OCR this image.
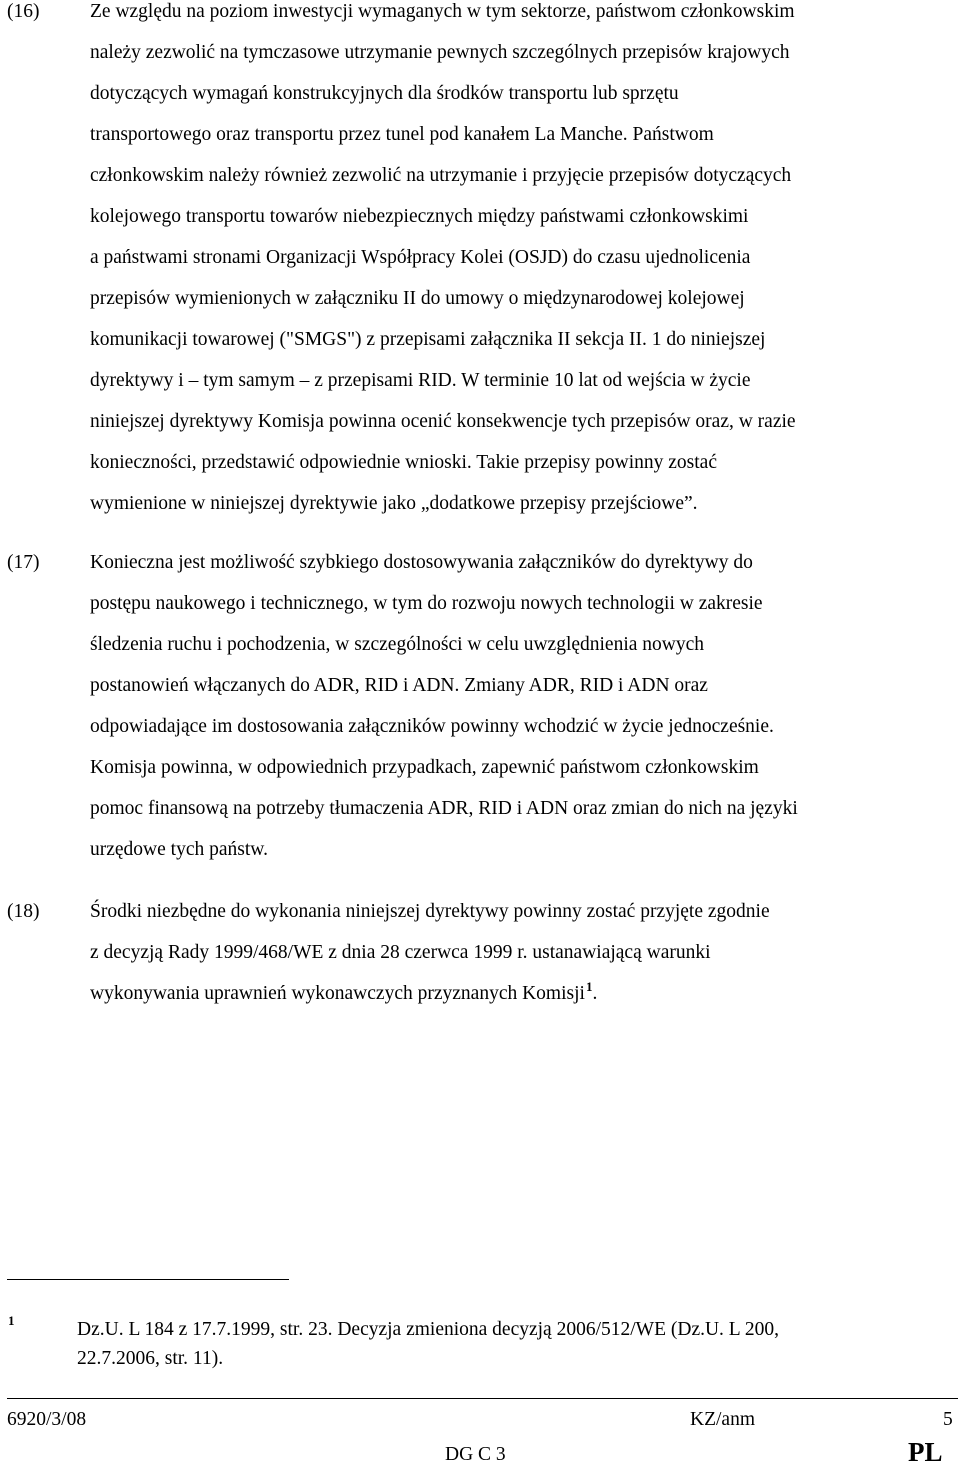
(16)	Ze względu na poziom inwestycji wymaganych w tym sektorze, państwom członkowskim
należy zezwolić na tymczasowe utrzymanie pewnych szczególnych przepisów krajowych
dotyczących wymagań konstrukcyjnych dla środków transportu lub sprzętu
transportowego oraz transportu przez tunel pod kanałem La Manche. Państwom
członkowskim należy również zezwolić na utrzymanie i przyjęcie przepisów dotyczących
kolejowego transportu towarów niebezpiecznych między państwami członkowskimi
a państwami stronami Organizacji Współpracy Kolei (OSJD) do czasu ujednolicenia
przepisów wymienionych w załączniku II do umowy o międzynarodowej kolejowej
komunikacji towarowej ("SMGS") z przepisami załącznika II sekcja II. 1 do niniejszej
dyrektywy i – tym samym – z przepisami RID. W terminie 10 lat od wejścia w życie
niniejszej dyrektywy Komisja powinna ocenić konsekwencje tych przepisów oraz, w razie
konieczności, przedstawić odpowiednie wnioski. Takie przepisy powinny zostać
wymienione w niniejszej dyrektywie jako „dodatkowe przepisy przejściowe”.
(17)	Konieczna jest możliwość szybkiego dostosowywania załączników do dyrektywy do
postępu naukowego i technicznego, w tym do rozwoju nowych technologii w zakresie
śledzenia ruchu i pochodzenia, w szczególności w celu uwzględnienia nowych
postanowień włączanych do ADR, RID i ADN. Zmiany ADR, RID i ADN oraz
odpowiadające im dostosowania załączników powinny wchodzić w życie jednocześnie.
Komisja powinna, w odpowiednich przypadkach, zapewnić państwom członkowskim
pomoc finansową na potrzeby tłumaczenia ADR, RID i ADN oraz zmian do nich na języki
urzędowe tych państw.
(18)	Środki niezbędne do wykonania niniejszej dyrektywy powinny zostać przyjęte zgodnie
z decyzją Rady 1999/468/WE z dnia 28 czerwca 1999 r. ustanawiającą warunki
wykonywania uprawnień wykonawczych przyznanych Komisji$^1$.
1	Dz.U. L 184 z 17.7.1999, str. 23. Decyzja zmieniona decyzją 2006/512/WE (Dz.U. L 200,
22.7.2006, str. 11).
6920/3/08	KZ/anm	5
DG C 3	PL
